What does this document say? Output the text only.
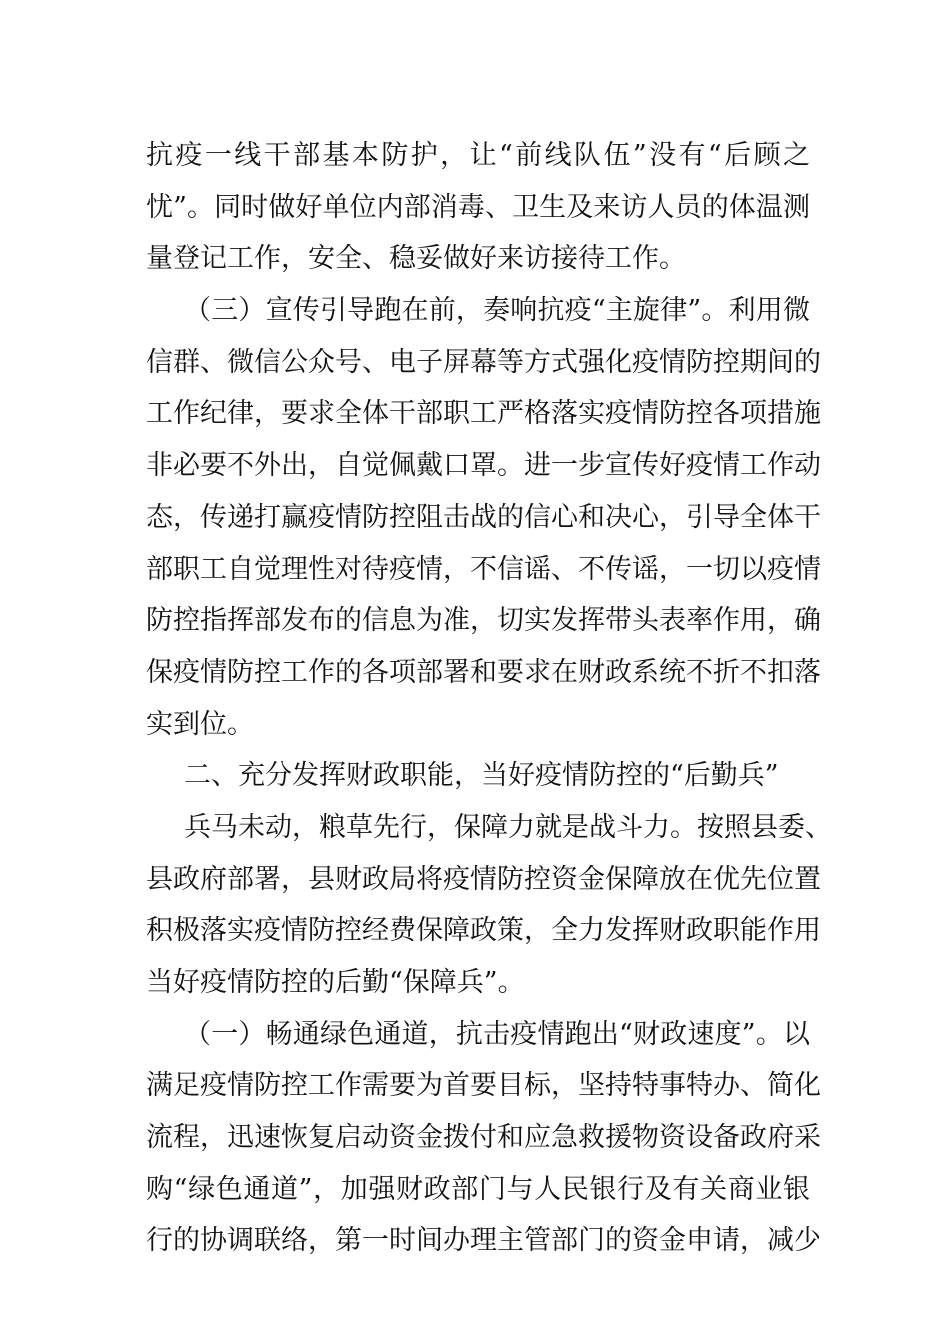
抗疫一线干部基本防护，让“前线队伍”没有“后顾之
忧”。同时做好单位内部消毒、卫生及来访人员的体温测
量登记工作，安全、稳妥做好来访接待工作。
（三）宣传引导跑在前，奏响抗疫“主旋律”。利用微
信群、微信公众号、电子屏幕等方式强化疫情防控期间的
工作纪律，要求全体干部职工严格落实疫情防控各项措施
非必要不外出，自觉佩戴口罩。进一步宣传好疫情工作动
态，传递打赢疫情防控阻击战的信心和决心，引导全体干
部职工自觉理性对待疫情，不信谣、不传谣，一切以疫情
防控指挥部发布的信息为准，切实发挥带头表率作用，确
保疫情防控工作的各项部署和要求在财政系统不折不扣落
实到位。
二、充分发挥财政职能，当好疫情防控的“后勤兵”
兵马未动，粮草先行，保障力就是战斗力。按照县委、
县政府部署，县财政局将疫情防控资金保障放在优先位置
积极落实疫情防控经费保障政策，全力发挥财政职能作用
当好疫情防控的后勤“保障兵”。
（一）畅通绿色通道，抗击疫情跑出“财政速度”。以
满足疫情防控工作需要为首要目标，坚持特事特办、简化
流程，迅速恢复启动资金拨付和应急救援物资设备政府采
购“绿色通道”，加强财政部门与人民银行及有关商业银
行的协调联络，第一时间办理主管部门的资金申请，减少
